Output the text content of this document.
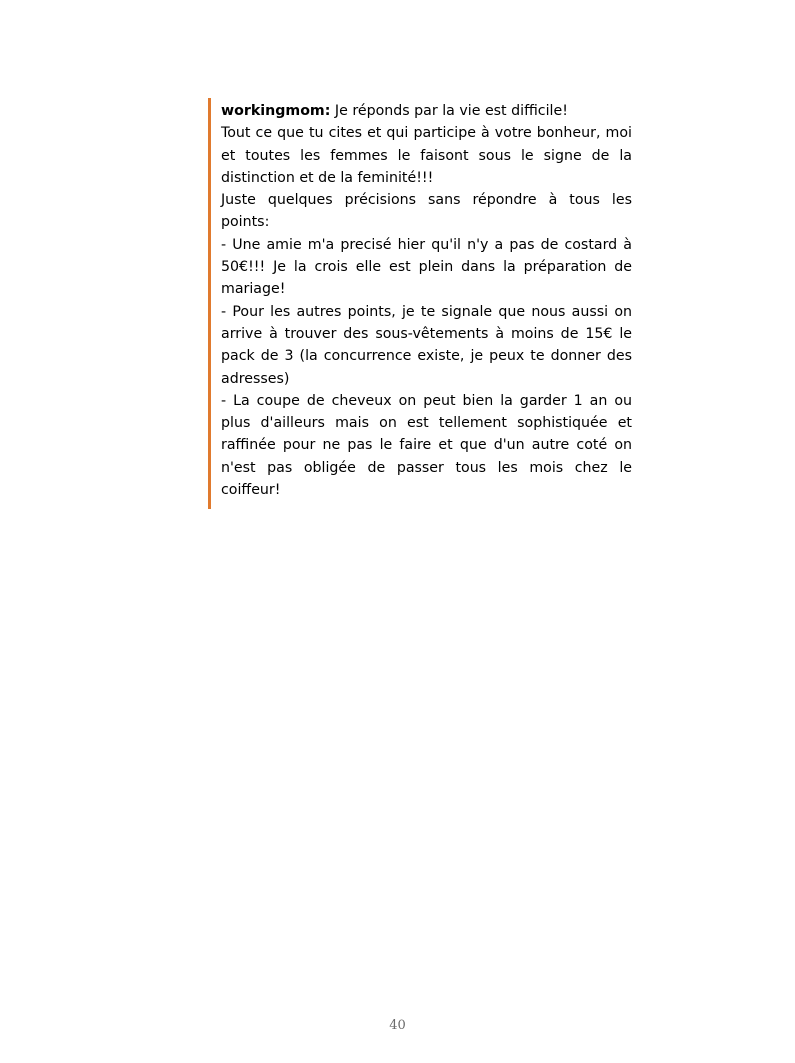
workingmom: Je réponds par la vie est difficile!

Tout ce que tu cites et qui participe à votre bonheur, moi et toutes les femmes le faisont sous le signe de la distinction et de la feminité!!!

Juste quelques précisions sans répondre à tous les points:

- Une amie m'a precisé hier qu'il n'y a pas de costard à 50€!!! Je la crois elle est plein dans la préparation de mariage!

- Pour les autres points, je te signale que nous aussi on arrive à trouver des sous-vêtements à moins de 15€ le pack de 3 (la concurrence existe, je peux te donner des adresses)

- La coupe de cheveux on peut bien la garder 1 an ou plus d'ailleurs mais on est tellement sophistiquée et raffinée pour ne pas le faire et que d'un autre coté on n'est pas obligée de passer tous les mois chez le coiffeur!

40
